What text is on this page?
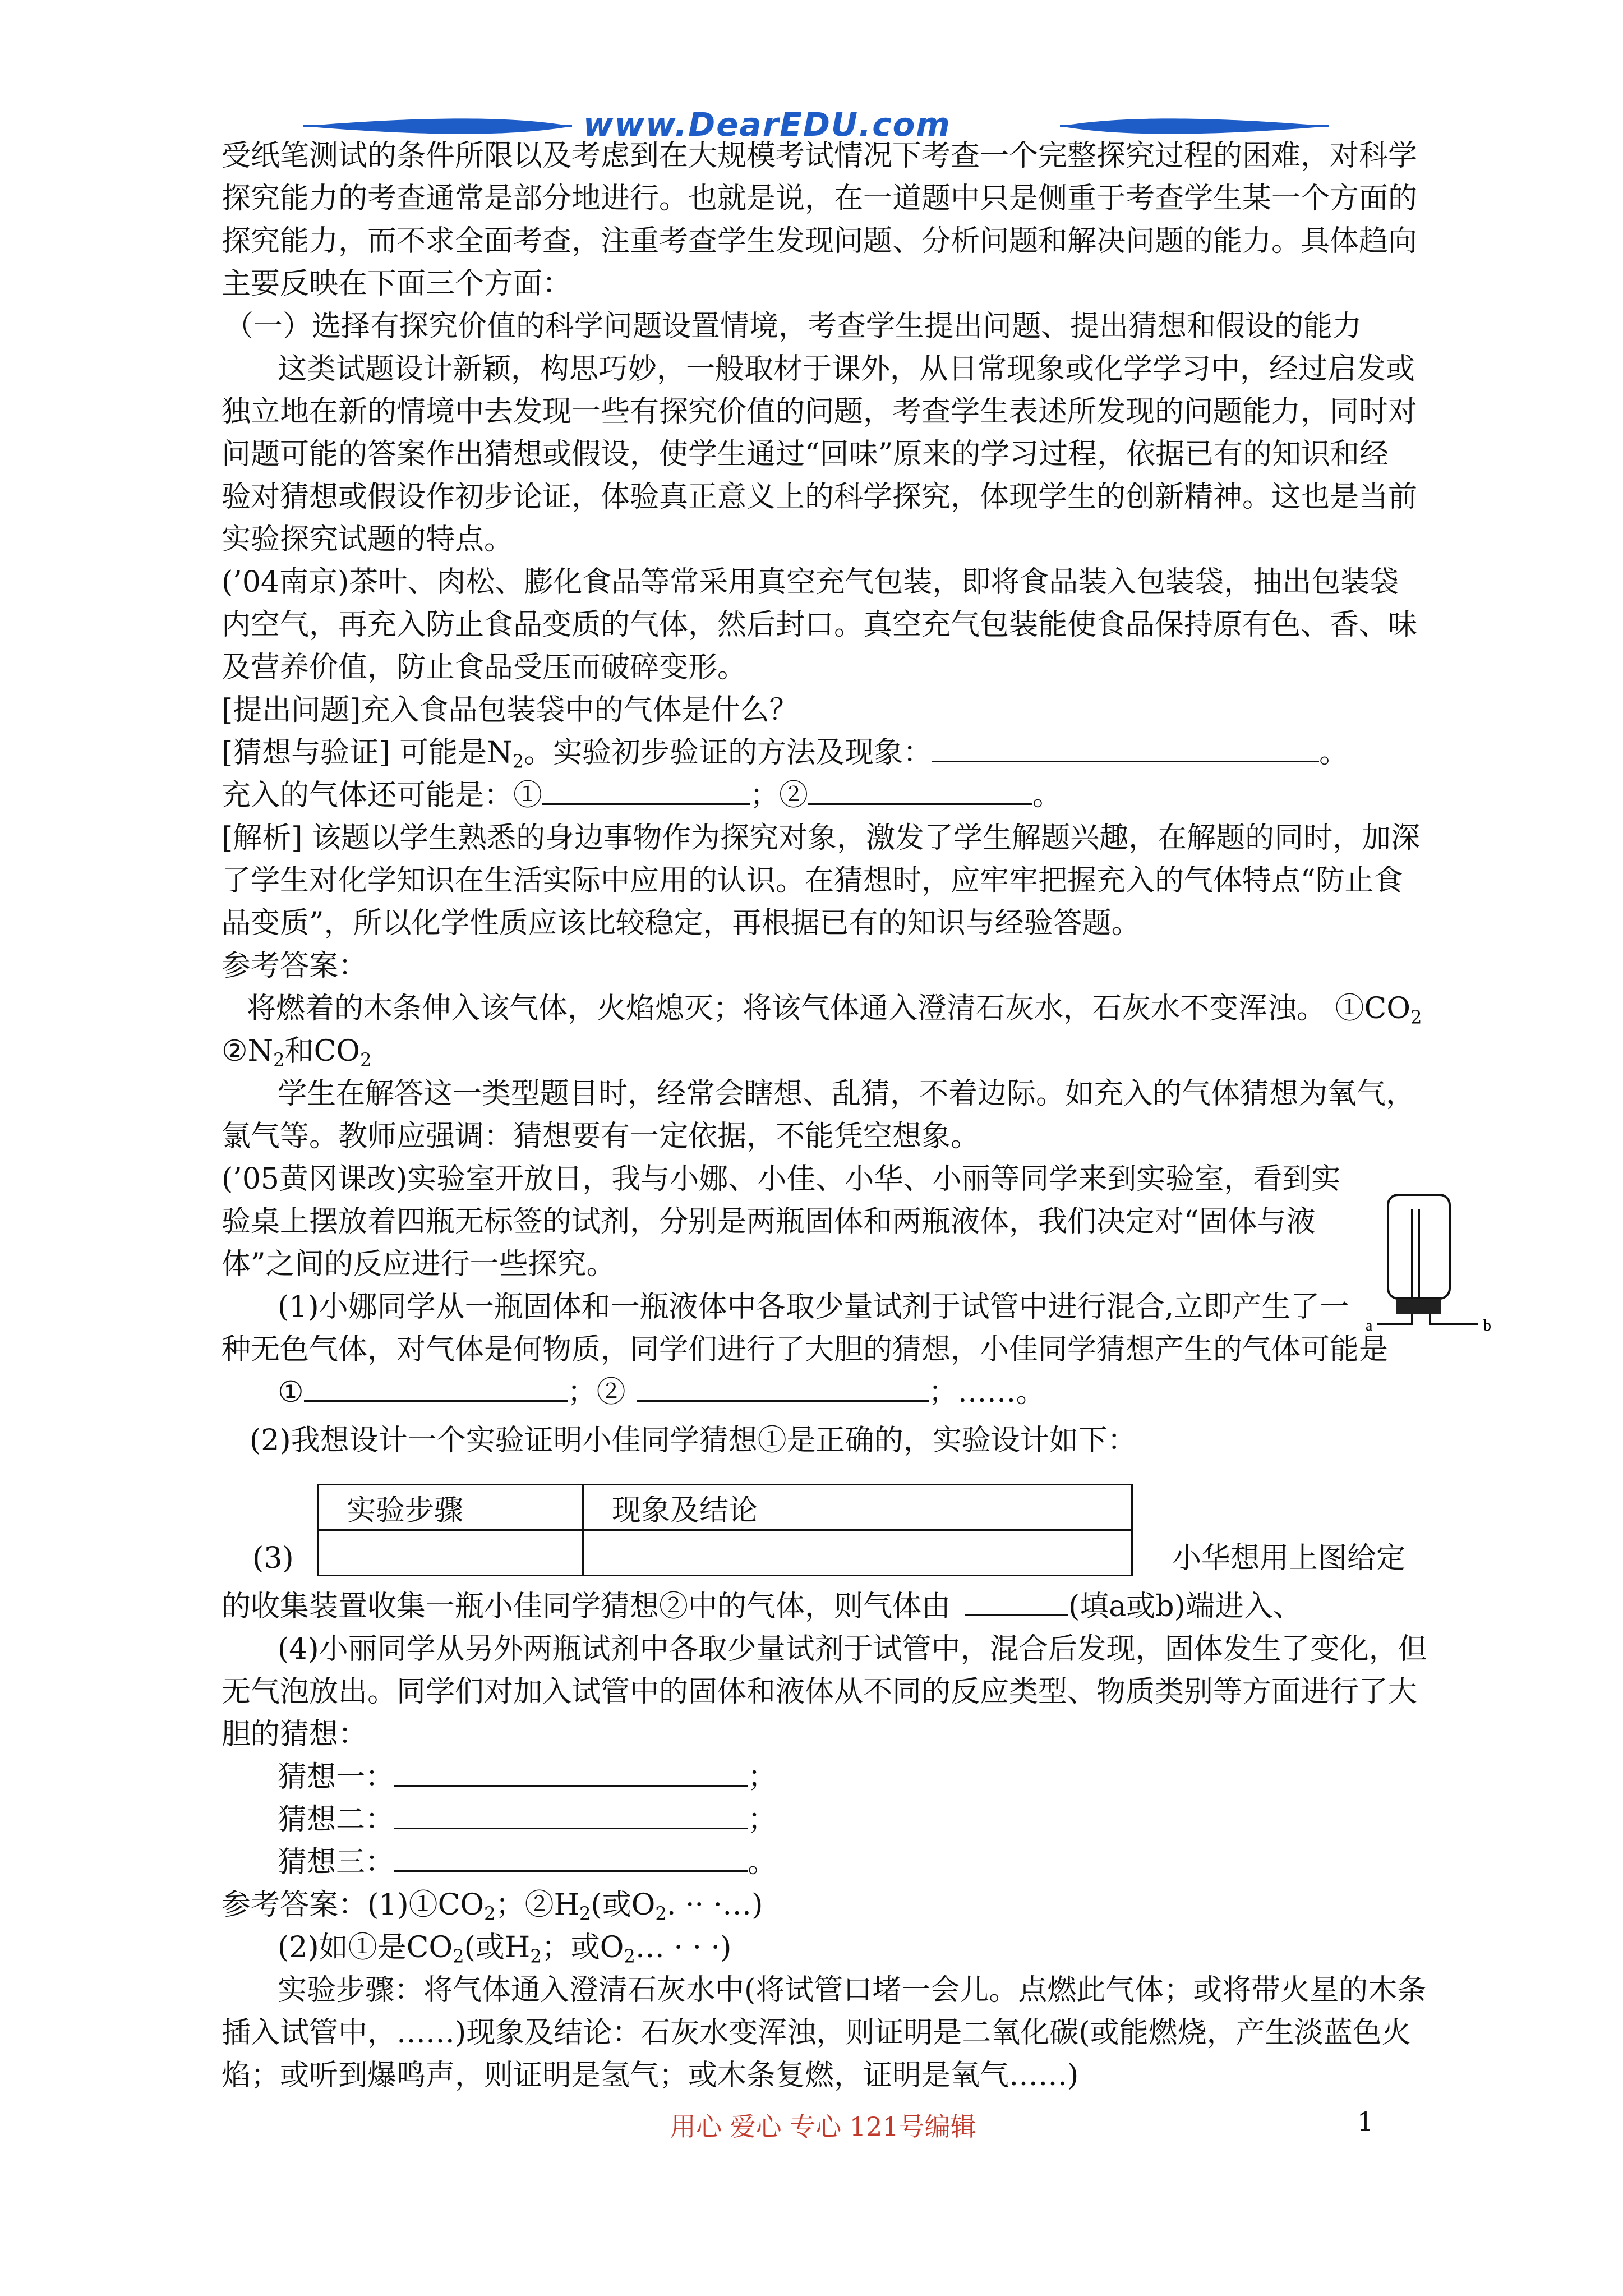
www.DearEDU.com
受纸笔测试的条件所限以及考虑到在大规模考试情况下考查一个完整探究过程的困难，对科学
探究能力的考查通常是部分地进行。也就是说，在一道题中只是侧重于考查学生某一个方面的
探究能力，而不求全面考查，注重考查学生发现问题、分析问题和解决问题的能力。具体趋向
主要反映在下面三个方面：
（一）选择有探究价值的科学问题设置情境，考查学生提出问题、提出猜想和假设的能力
这类试题设计新颖，构思巧妙，一般取材于课外，从日常现象或化学学习中，经过启发或
独立地在新的情境中去发现一些有探究价值的问题，考查学生表述所发现的问题能力，同时对
问题可能的答案作出猜想或假设，使学生通过“回味”原来的学习过程，依据已有的知识和经
验对猜想或假设作初步论证，体验真正意义上的科学探究，体现学生的创新精神。这也是当前
实验探究试题的特点。
(’04南京)茶叶、肉松、膨化食品等常采用真空充气包装，即将食品装入包装袋，抽出包装袋
内空气，再充入防止食品变质的气体，然后封口。真空充气包装能使食品保持原有色、香、味
及营养价值，防止食品受压而破碎变形。
[提出问题]充入食品包装袋中的气体是什么？
[猜想与验证] 可能是$N_2$。实验初步验证的方法及现象：	。
充入的气体还可能是：①	；②	。
[解析] 该题以学生熟悉的身边事物作为探究对象，激发了学生解题兴趣，在解题的同时，加深
了学生对化学知识在生活实际中应用的认识。在猜想时，应牢牢把握充入的气体特点“防止食
品变质”，所以化学性质应该比较稳定，再根据已有的知识与经验答题。
参考答案：
将燃着的木条伸入该气体，火焰熄灭；将该气体通入澄清石灰水，石灰水不变浑浊。 $①CO_2$
$②N_2$和$CO_2$
学生在解答这一类型题目时，经常会瞎想、乱猜，不着边际。如充入的气体猜想为氧气，
氯气等。教师应强调：猜想要有一定依据，不能凭空想象。
(’05黄冈课改)实验室开放日，我与小娜、小佳、小华、小丽等同学来到实验室，看到实
验桌上摆放着四瓶无标签的试剂，分别是两瓶固体和两瓶液体，我们决定对“固体与液
体”之间的反应进行一些探究。
(1)小娜同学从一瓶固体和一瓶液体中各取少量试剂于试管中进行混合,立即产生了一
种无色气体，对气体是何物质，同学们进行了大胆的猜想，小佳同学猜想产生的气体可能是
①	；②	；……。
(2)我想设计一个实验证明小佳同学猜想①是正确的，实验设计如下：
a	b
实验步骤	现象及结论

(3)	小华想用上图给定
的收集装置收集一瓶小佳同学猜想②中的气体，则气体由	(填a或b)端进入、
(4)小丽同学从另外两瓶试剂中各取少量试剂于试管中，混合后发现，固体发生了变化，但
无气泡放出。同学们对加入试管中的固体和液体从不同的反应类型、物质类别等方面进行了大
胆的猜想：
猜想一：	；
猜想二：	；
猜想三：	。
参考答案：$(1)①CO_2$；$②H_2$(或$O_2$. ·· ·…)
(2)如①是$CO_2$(或$H_2$；或$O_2\dots$ · · ·)
实验步骤：将气体通入澄清石灰水中(将试管口堵一会儿。点燃此气体；或将带火星的木条
插入试管中，……)现象及结论：石灰水变浑浊，则证明是二氧化碳(或能燃烧，产生淡蓝色火
焰；或听到爆鸣声，则证明是氢气；或木条复燃，证明是氧气……)
用心 爱心 专心 121号编辑	1
